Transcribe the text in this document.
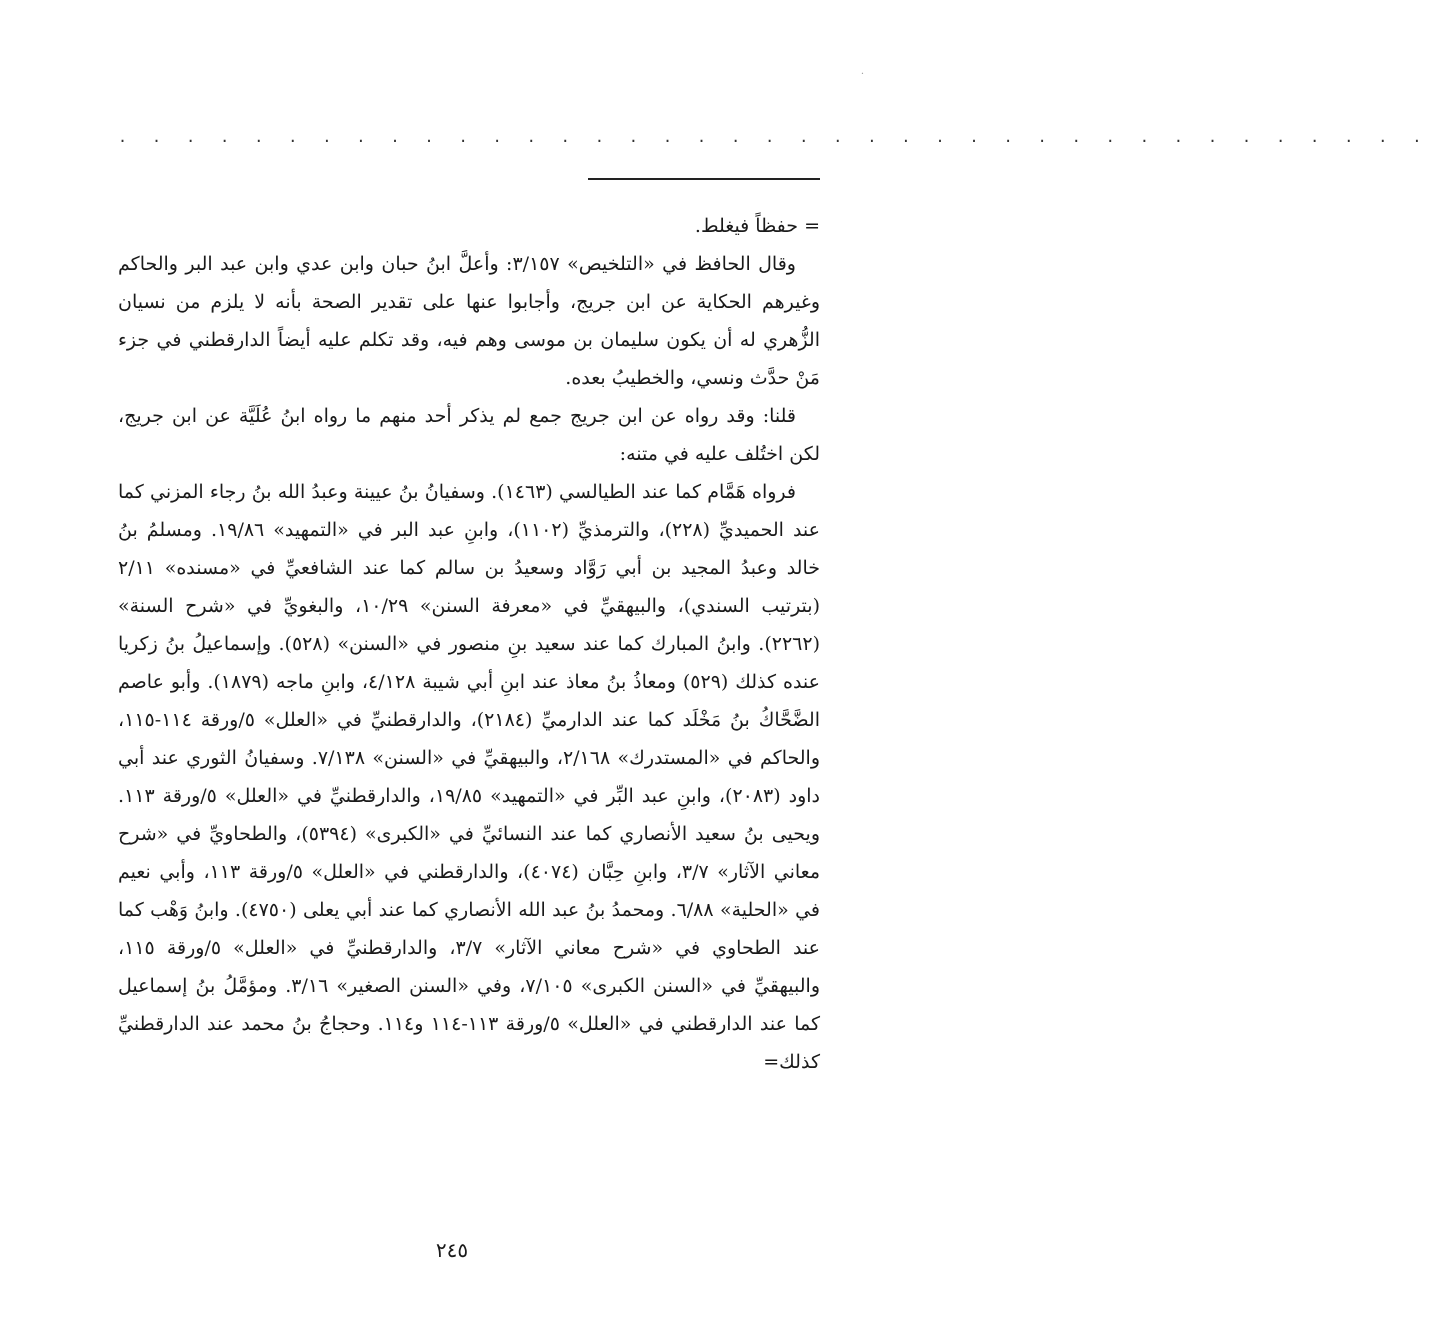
.
. . . . . . . . . . . . . . . . . . . . . . . . . . . . . . . . . . . . . . .

= حفظاً فيغلط.

وقال الحافظ في «التلخيص» ٣/١٥٧: وأعلَّ ابنُ حبان وابن عدي وابن عبد البر والحاكم وغيرهم الحكاية عن ابن جريج، وأجابوا عنها على تقدير الصحة بأنه لا يلزم من نسيان الزُّهري له أن يكون سليمان بن موسى وهم فيه، وقد تكلم عليه أيضاً الدارقطني في جزء مَنْ حدَّث ونسي، والخطيبُ بعده.

قلنا: وقد رواه عن ابن جريج جمع لم يذكر أحد منهم ما رواه ابنُ عُلَيَّة عن ابن جريج، لكن اختُلف عليه في متنه:

فرواه هَمَّام كما عند الطيالسي (١٤٦٣). وسفيانُ بنُ عيينة وعبدُ الله بنُ رجاء المزني كما عند الحميديِّ (٢٢٨)، والترمذيِّ (١١٠٢)، وابنِ عبد البر في «التمهيد» ١٩/٨٦. ومسلمُ بنُ خالد وعبدُ المجيد بن أبي رَوَّاد وسعيدُ بن سالم كما عند الشافعيِّ في «مسنده» ٢/١١ (بترتيب السندي)، والبيهقيِّ في «معرفة السنن» ١٠/٢٩، والبغويِّ في «شرح السنة» (٢٢٦٢). وابنُ المبارك كما عند سعيد بنِ منصور في «السنن» (٥٢٨). وإسماعيلُ بنُ زكريا عنده كذلك (٥٢٩) ومعاذُ بنُ معاذ عند ابنِ أبي شيبة ٤/١٢٨، وابنِ ماجه (١٨٧٩). وأبو عاصم الضَّحَّاكُ بنُ مَخْلَد كما عند الدارميِّ (٢١٨٤)، والدارقطنيِّ في «العلل» ٥/ورقة ١١٤-١١٥، والحاكم في «المستدرك» ٢/١٦٨، والبيهقيِّ في «السنن» ٧/١٣٨. وسفيانُ الثوري عند أبي داود (٢٠٨٣)، وابنِ عبد البِّر في «التمهيد» ١٩/٨٥، والدارقطنيِّ في «العلل» ٥/ورقة ١١٣. ويحيى بنُ سعيد الأنصاري كما عند النسائيِّ في «الكبرى» (٥٣٩٤)، والطحاويِّ في «شرح معاني الآثار» ٣/٧، وابنِ حِبَّان (٤٠٧٤)، والدارقطني في «العلل» ٥/ورقة ١١٣، وأبي نعيم في «الحلية» ٦/٨٨. ومحمدُ بنُ عبد الله الأنصاري كما عند أبي يعلى (٤٧٥٠). وابنُ وَهْب كما عند الطحاوي في «شرح معاني الآثار» ٣/٧، والدارقطنيِّ في «العلل» ٥/ورقة ١١٥، والبيهقيِّ في «السنن الكبرى» ٧/١٠٥، وفي «السنن الصغير» ٣/١٦. ومؤمَّلُ بنُ إسماعيل كما عند الدارقطني في «العلل» ٥/ورقة ١١٣-١١٤ و١١٤. وحجاجُ بنُ محمد عند الدارقطنيِّ كذلك=

٢٤٥
